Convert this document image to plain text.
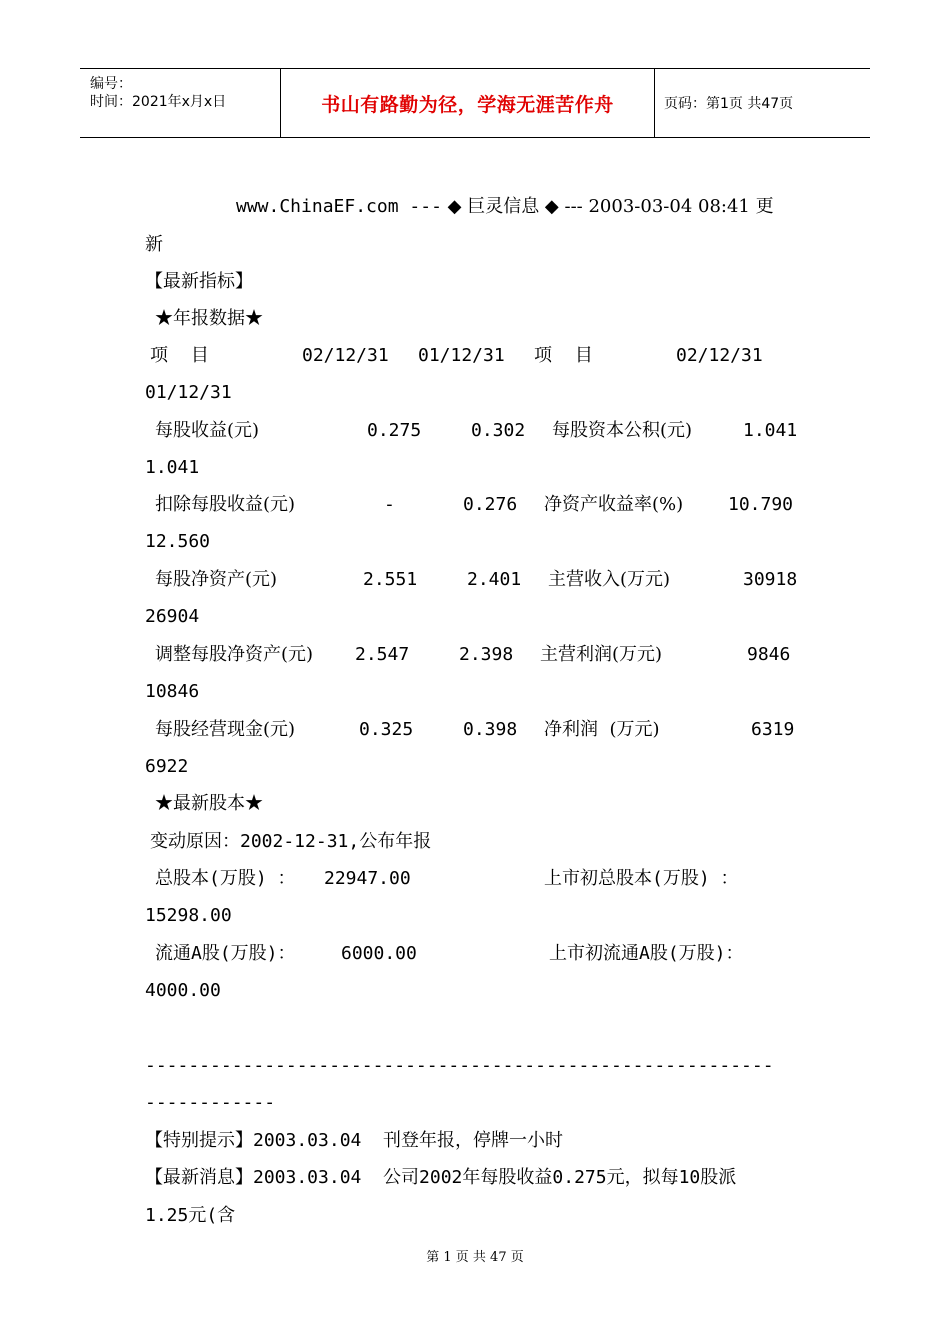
编号：
时间：2021年x月x日	书山有路勤为径，学海无涯苦作舟	页码：第1页 共47页
www.ChinaEF.com --- ◆ 巨灵信息 ◆ --- 2003-03-04 08:41 更
新
【最新指标】
★年报数据★
项    目	02/12/31 01/12/31 项    目	02/12/31
01/12/31
每股收益(元)	0.275	0.302 每股资本公积(元)	1.041
1.041
扣除每股收益(元)	-	0.276 净资产收益率(%) 10.790
12.560
每股净资产(元)	2.551	2.401 主营收入(万元)	30918
26904
调整每股净资产(元) 2.547	2.398 主营利润(万元)	9846
10846
每股经营现金(元)	0.325	0.398 净利润  (万元)	6319
6922
★最新股本★
变动原因：2002-12-31,公布年报
总股本(万股) ： 22947.00	上市初总股本(万股) ：
15298.00
流通A股(万股)：	6000.00	上市初流通A股(万股)：
4000.00
----------------------------------------------------------
------------
【特别提示】2003.03.04  刊登年报，停牌一小时
【最新消息】2003.03.04  公司2002年每股收益0.275元，拟每10股派
1.25元(含
第 1 页 共 47 页
